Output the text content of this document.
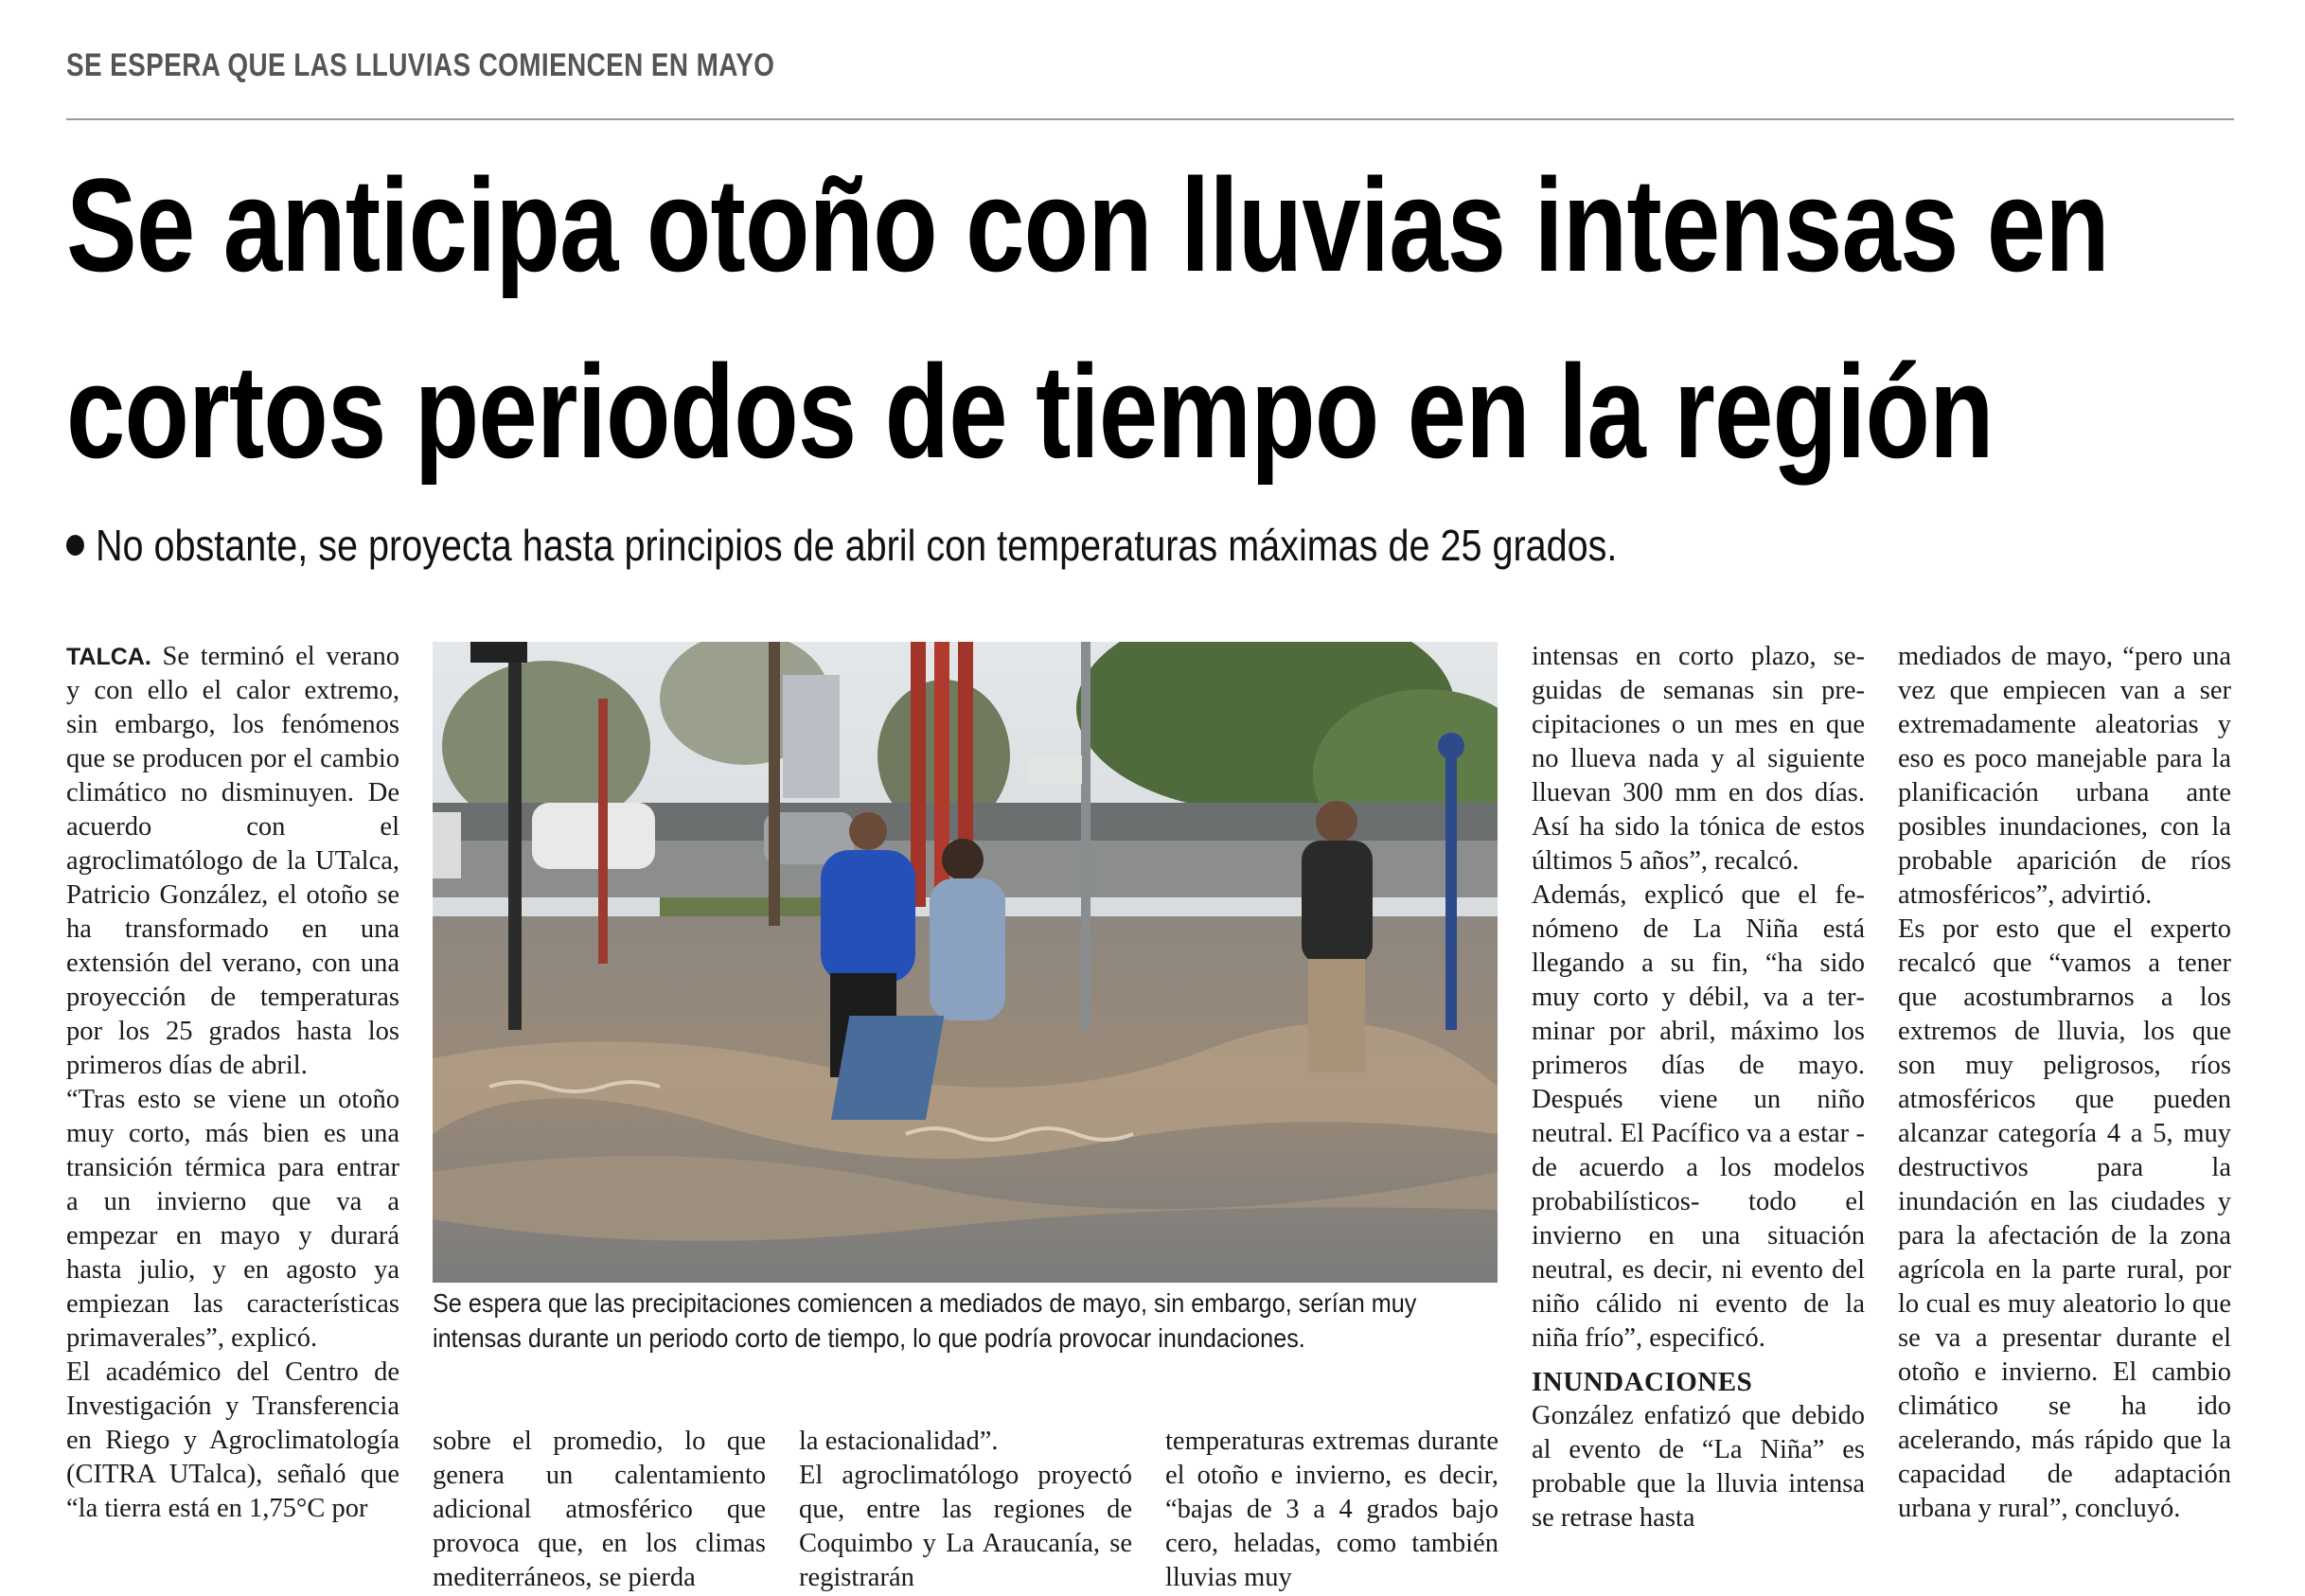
SE ESPERA QUE LAS LLUVIAS COMIENCEN EN MAYO
Se anticipa otoño con lluvias intensas en
cortos periodos de tiempo en la región
No obstante, se proyecta hasta principios de abril con temperaturas máximas de 25 grados.

TALCA. Se terminó el verano y con ello el calor extremo, sin embargo, los fenómenos que se producen por el cambio climático no disminuyen. De acuerdo con el agroclimatólogo de la UTalca, Patricio González, el otoño se ha transformado en una extensión del verano, con una proyección de temperaturas por los 25 grados hasta los primeros días de abril.

“Tras esto se viene un otoño muy corto, más bien es una transición térmica para entrar a un invierno que va a empezar en mayo y durará hasta julio, y en agosto ya empiezan las características primaverales”, explicó.

El académico del Centro de Investigación y Transferencia en Riego y Agroclimatología (CITRA UTalca), señaló que “la tierra está en 1,75°C por

Se espera que las precipitaciones comiencen a mediados de mayo, sin embargo, serían muy intensas durante un periodo corto de tiempo, lo que podría provocar inundaciones.

sobre el promedio, lo que genera un calentamiento adicional atmosférico que provoca que, en los climas mediterráneos, se pierda

la estacionalidad”.

El agroclimatólogo proyectó que, entre las regiones de Coquimbo y La Araucanía, se registrarán

temperaturas extremas durante el otoño e invierno, es decir, “bajas de 3 a 4 grados bajo cero, heladas, como también lluvias muy

intensas en corto plazo, seguidas de semanas sin precipitaciones o un mes en que no llueva nada y al siguiente lluevan 300 mm en dos días. Así ha sido la tónica de estos últimos 5 años”, recalcó.

Además, explicó que el fenómeno de La Niña está llegando a su fin, “ha sido muy corto y débil, va a terminar por abril, máximo los primeros días de mayo. Después viene un niño neutral. El Pacífico va a estar -de acuerdo a los modelos probabilísticos- todo el invierno en una situación neutral, es decir, ni evento del niño cálido ni evento de la niña frío”, especificó.

INUNDACIONES

González enfatizó que debido al evento de “La Niña” es probable que la lluvia intensa se retrase hasta

mediados de mayo, “pero una vez que empiecen van a ser extremadamente aleatorias y eso es poco manejable para la planificación urbana ante posibles inundaciones, con la probable aparición de ríos atmosféricos”, advirtió.

Es por esto que el experto recalcó que “vamos a tener que acostumbrarnos a los extremos de lluvia, los que son muy peligrosos, ríos atmosféricos que pueden alcanzar categoría 4 a 5, muy destructivos para la inundación en las ciudades y para la afectación de la zona agrícola en la parte rural, por lo cual es muy aleatorio lo que se va a presentar durante el otoño e invierno. El cambio climático se ha ido acelerando, más rápido que la capacidad de adaptación urbana y rural”, concluyó.
